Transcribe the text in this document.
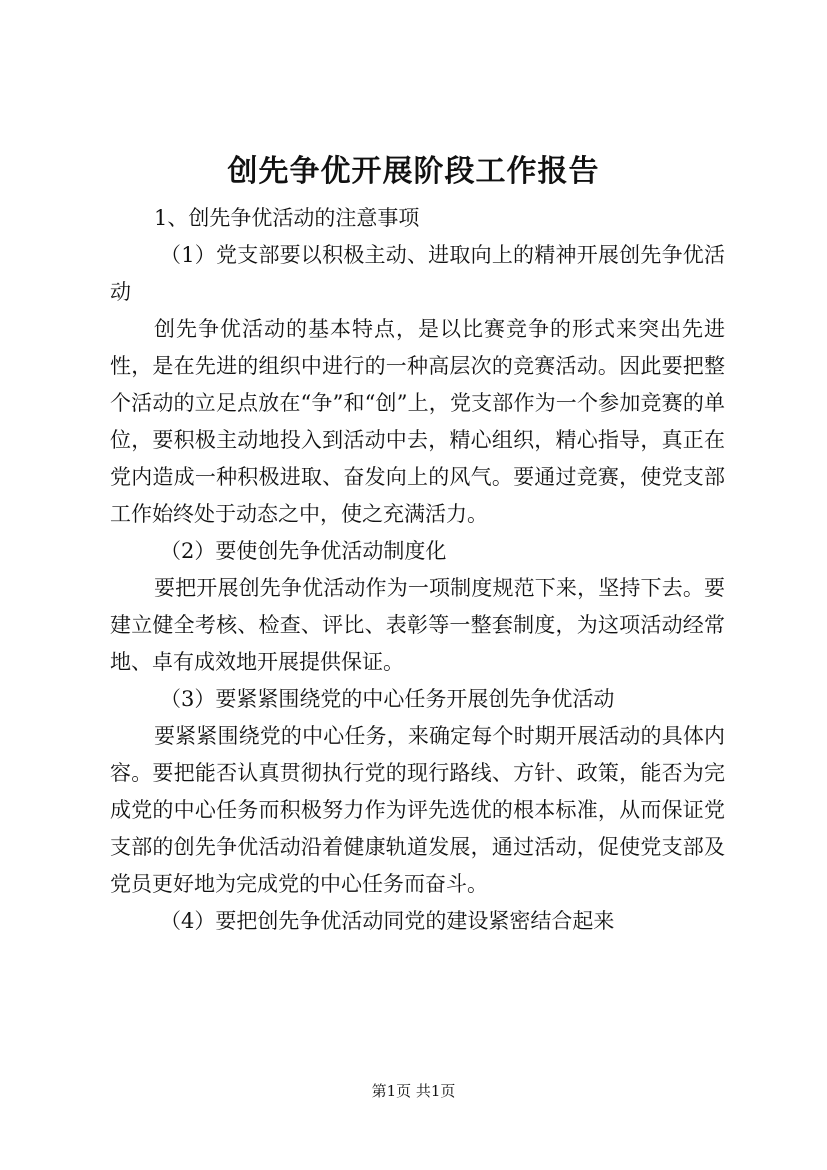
创先争优开展阶段工作报告

1、创先争优活动的注意事项

（1）党支部要以积极主动、进取向上的精神开展创先争优活动

创先争优活动的基本特点，是以比赛竞争的形式来突出先进性，是在先进的组织中进行的一种高层次的竞赛活动。因此要把整个活动的立足点放在“争”和“创”上，党支部作为一个参加竞赛的单位，要积极主动地投入到活动中去，精心组织，精心指导，真正在党内造成一种积极进取、奋发向上的风气。要通过竞赛，使党支部工作始终处于动态之中，使之充满活力。

（2）要使创先争优活动制度化

要把开展创先争优活动作为一项制度规范下来，坚持下去。要建立健全考核、检查、评比、表彰等一整套制度，为这项活动经常地、卓有成效地开展提供保证。

（3）要紧紧围绕党的中心任务开展创先争优活动

要紧紧围绕党的中心任务，来确定每个时期开展活动的具体内容。要把能否认真贯彻执行党的现行路线、方针、政策，能否为完成党的中心任务而积极努力作为评先选优的根本标准，从而保证党支部的创先争优活动沿着健康轨道发展，通过活动，促使党支部及党员更好地为完成党的中心任务而奋斗。

（4）要把创先争优活动同党的建设紧密结合起来

第1页 共1页
